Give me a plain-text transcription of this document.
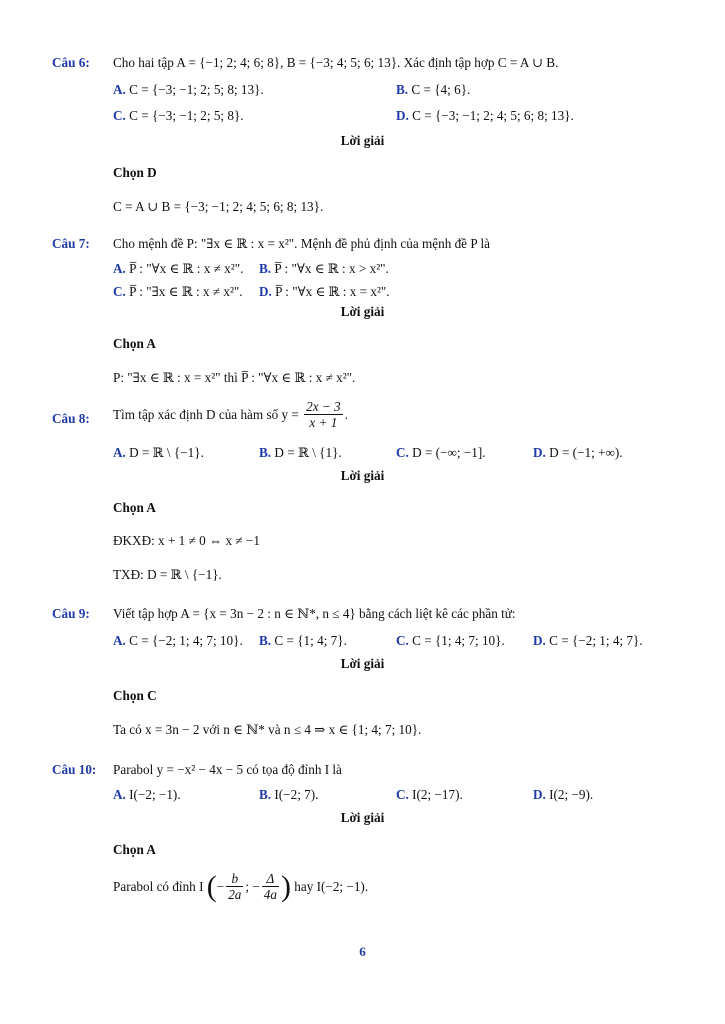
Câu 6: Cho hai tập A = {−1; 2; 4; 6; 8}, B = {−3; 4; 5; 6; 13}. Xác định tập hợp C = A ∪ B.
A. C = {−3; −1; 2; 5; 8; 13}.	B. C = {4; 6}.
C. C = {−3; −1; 2; 5; 8}.	D. C = {−3; −1; 2; 4; 5; 6; 8; 13}.
Lời giải
Chọn D
C = A ∪ B = {−3; −1; 2; 4; 5; 6; 8; 13}.
Câu 7: Cho mệnh đề P: "∃x ∈ ℝ : x = x²". Mệnh đề phủ định của mệnh đề P là
A. P̅ : "∀x ∈ ℝ : x ≠ x²". B. P̅ : "∀x ∈ ℝ : x > x²".
C. P̅ : "∃x ∈ ℝ : x ≠ x²". D. P̅ : "∀x ∈ ℝ : x = x²".
Lời giải
Chọn A
P: "∃x ∈ ℝ : x = x²" thì P̅ : "∀x ∈ ℝ : x ≠ x²".
Câu 8: Tìm tập xác định D của hàm số $y = \frac{2x - 3}{x + 1}$ .
A. D = ℝ \ {−1}.	B. D = ℝ \ {1}.	C. D = (−∞; −1].	D. D = (−1; +∞).
Lời giải
Chọn A
ĐKXĐ: x + 1 ≠ 0 ⇔ x ≠ −1
TXĐ: D = ℝ \ {−1}.
Câu 9: Viết tập hợp A = {x = 3n − 2 : n ∈ ℕ*, n ≤ 4} bằng cách liệt kê các phần tử:
A. C = {−2; 1; 4; 7; 10}. B. C = {1; 4; 7}.	C. C = {1; 4; 7; 10}. D. C = {−2; 1; 4; 7}.
Lời giải
Chọn C
Ta có x = 3n − 2 với n ∈ ℕ* và n ≤ 4 ⇒ x ∈ {1; 4; 7; 10}.
Câu 10: Parabol y = −x² − 4x − 5 có tọa độ đỉnh I là
A. I(−2; −1).	B. I(−2; 7).	C. I(2; −17).	D. I(2; −9).
Lời giải
Chọn A
Parabol có đỉnh I (− $\frac{b}{2a}$ ; − $\frac{\Delta}{4a}$ ) hay I(−2; −1).
6
